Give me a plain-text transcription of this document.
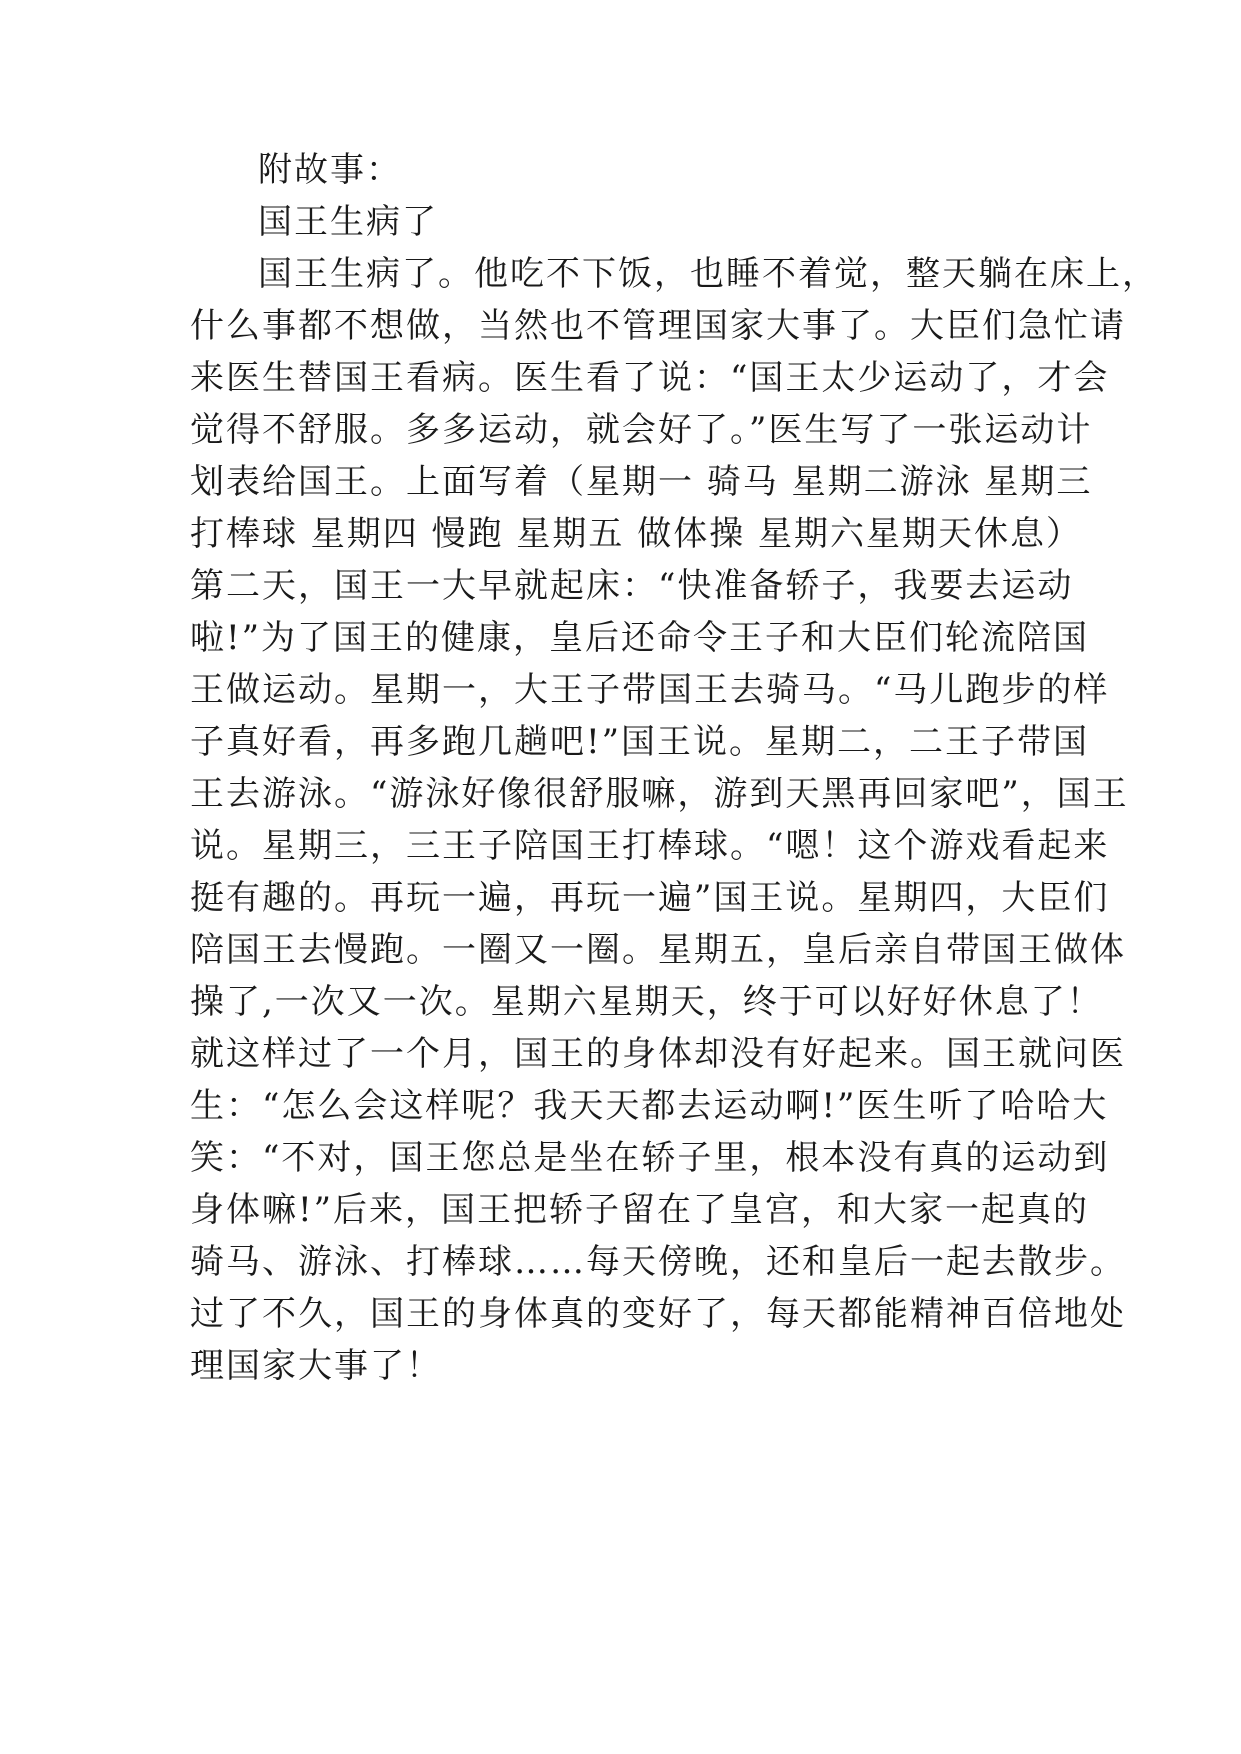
附故事：
国王生病了
国王生病了。他吃不下饭，也睡不着觉，整天躺在床上，
什么事都不想做，当然也不管理国家大事了。大臣们急忙请
来医生替国王看病。医生看了说：“国王太少运动了，才会
觉得不舒服。多多运动，就会好了。”医生写了一张运动计
划表给国王。上面写着（星期一 骑马 星期二游泳 星期三
打棒球 星期四 慢跑 星期五 做体操 星期六星期天休息）
第二天，国王一大早就起床：“快准备轿子，我要去运动
啦!”为了国王的健康，皇后还命令王子和大臣们轮流陪国
王做运动。星期一，大王子带国王去骑马。“马儿跑步的样
子真好看，再多跑几趟吧!”国王说。星期二，二王子带国
王去游泳。“游泳好像很舒服嘛，游到天黑再回家吧”，国王
说。星期三，三王子陪国王打棒球。“嗯！这个游戏看起来
挺有趣的。再玩一遍，再玩一遍”国王说。星期四，大臣们
陪国王去慢跑。一圈又一圈。星期五，皇后亲自带国王做体
操了,一次又一次。星期六星期天，终于可以好好休息了！
就这样过了一个月，国王的身体却没有好起来。国王就问医
生：“怎么会这样呢？我天天都去运动啊!”医生听了哈哈大
笑：“不对，国王您总是坐在轿子里，根本没有真的运动到
身体嘛!”后来，国王把轿子留在了皇宫，和大家一起真的
骑马、游泳、打棒球……每天傍晚，还和皇后一起去散步。
过了不久，国王的身体真的变好了，每天都能精神百倍地处
理国家大事了！
